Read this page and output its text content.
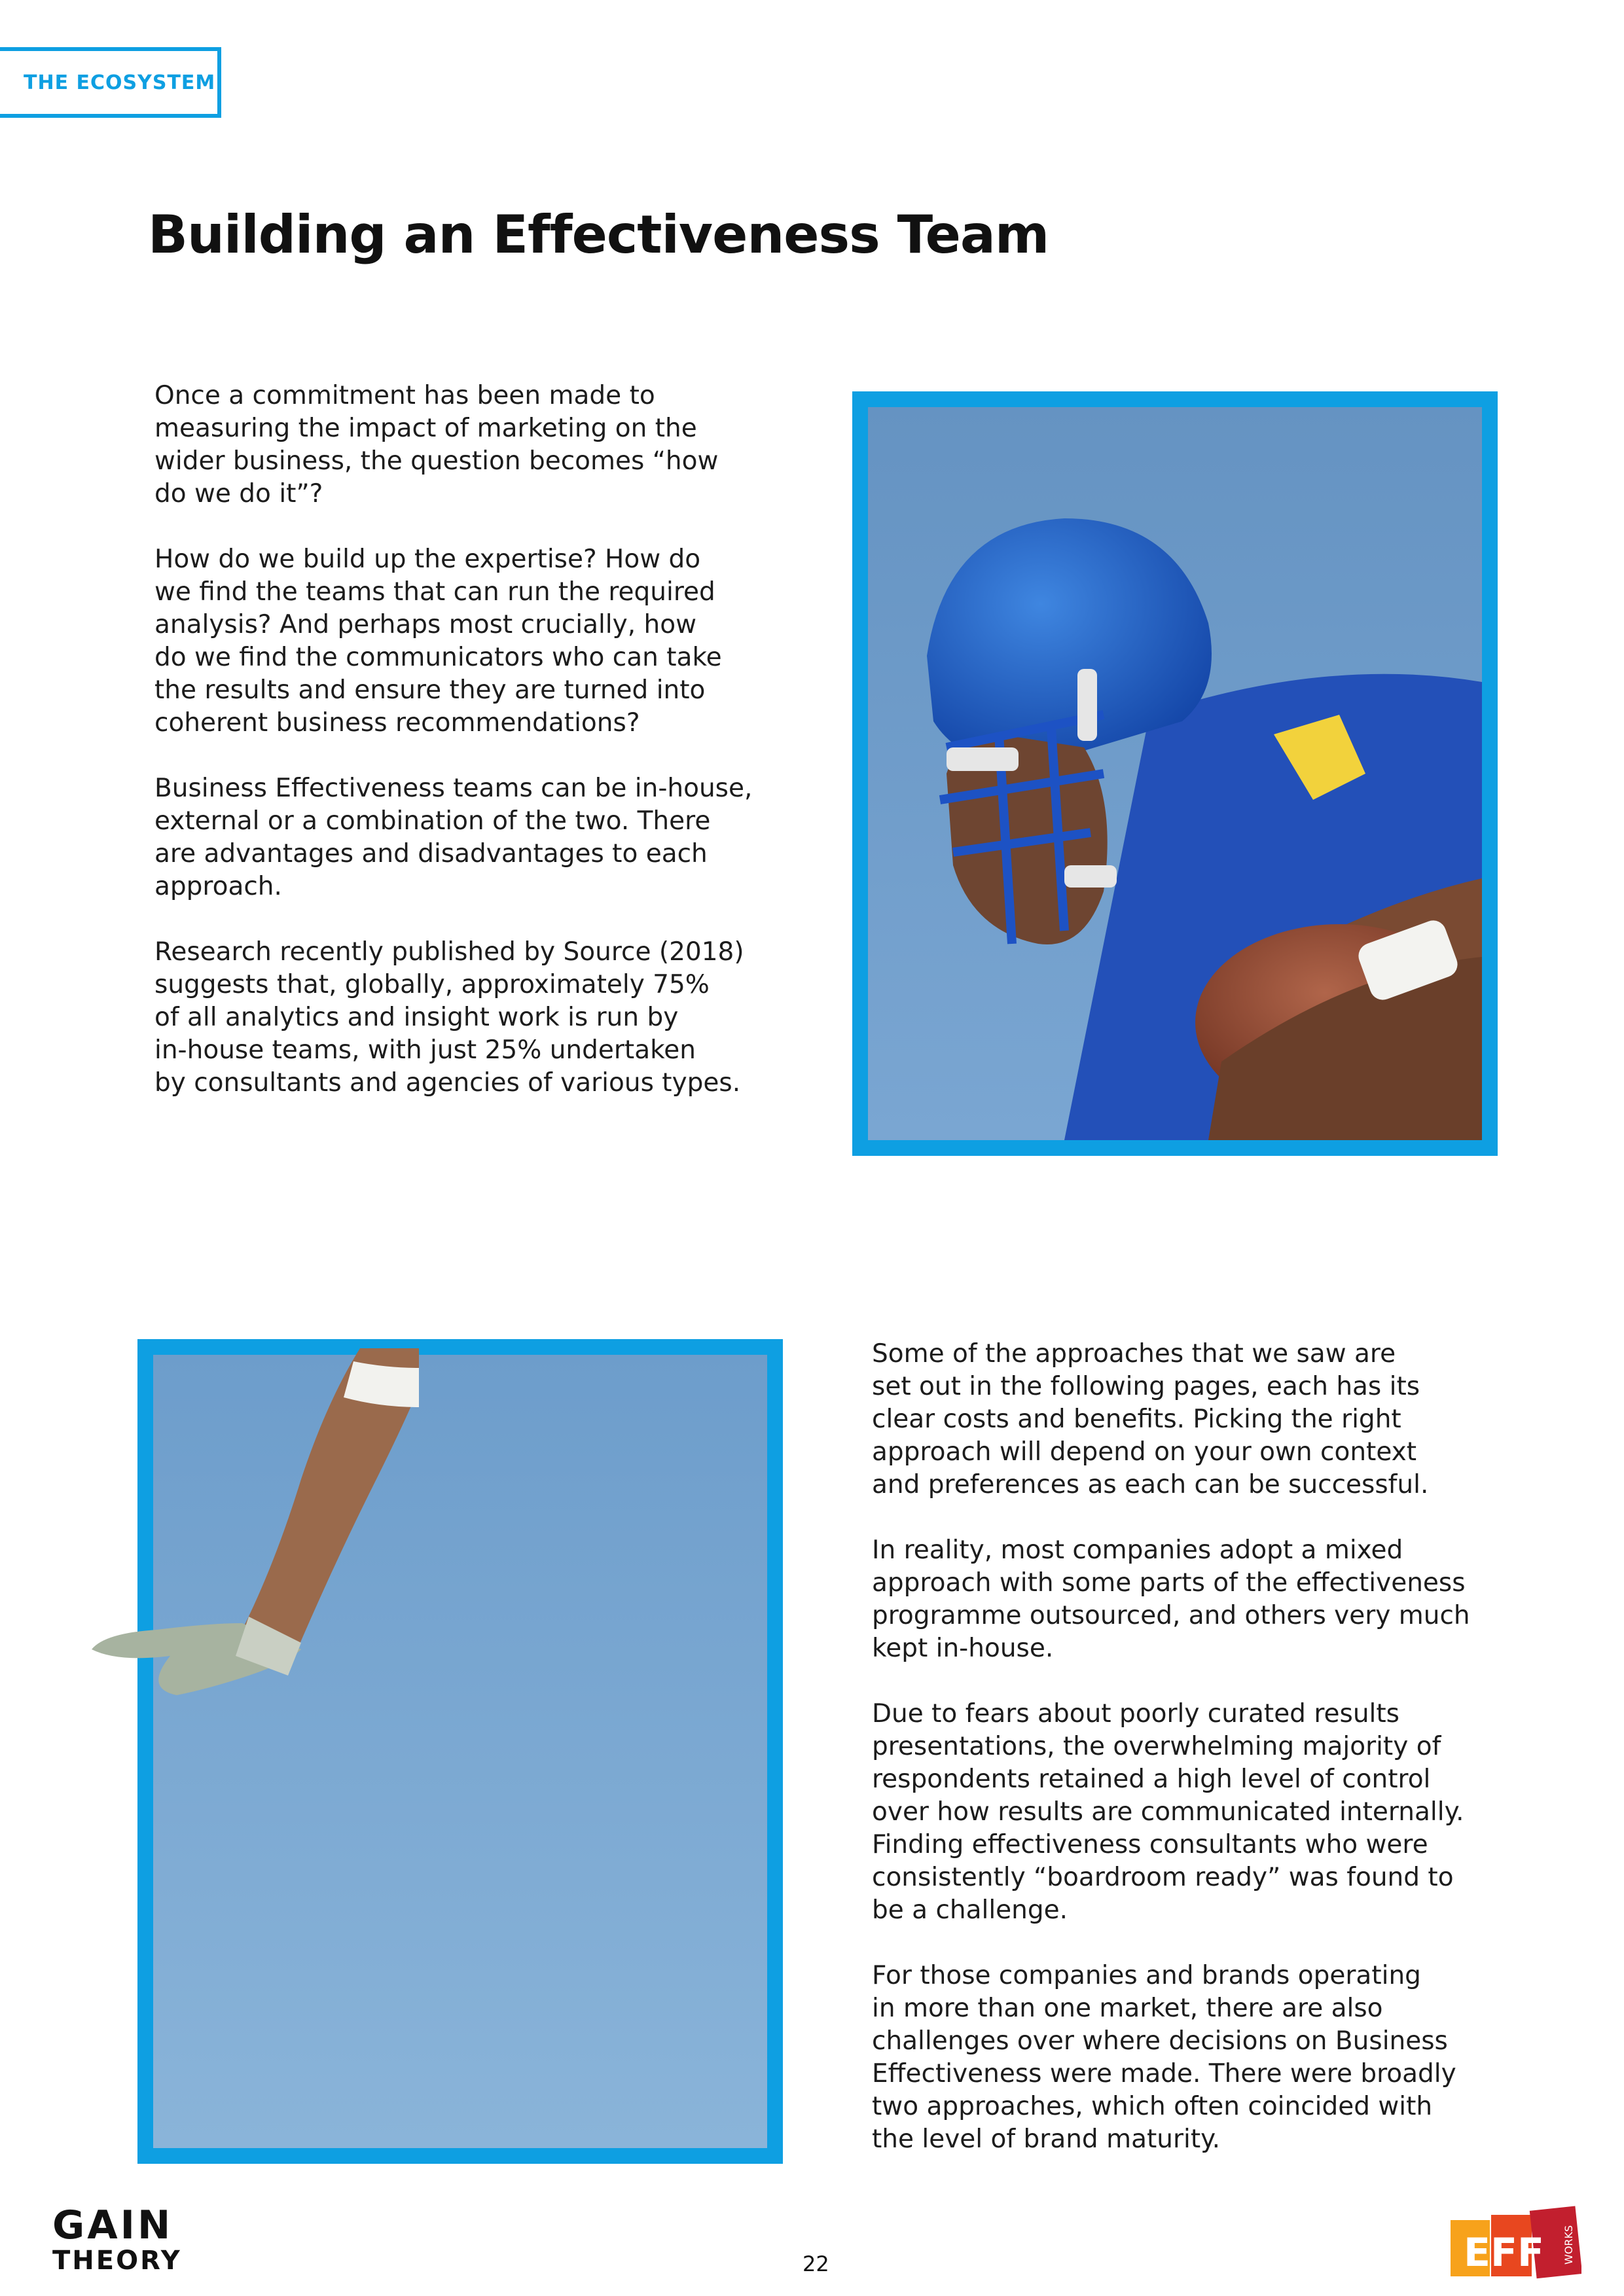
THE ECOSYSTEM
Building an Effectiveness Team

Once a commitment has been made to
measuring the impact of marketing on the
wider business, the question becomes “how
do we do it”?

How do we build up the expertise? How do
we find the teams that can run the required
analysis? And perhaps most crucially, how
do we find the communicators who can take
the results and ensure they are turned into
coherent business recommendations?

Business Effectiveness teams can be in-house,
external or a combination of the two. There
are advantages and disadvantages to each
approach.

Research recently published by Source (2018)
suggests that, globally, approximately 75%
of all analytics and insight work is run by
in-house teams, with just 25% undertaken
by consultants and agencies of various types.

Some of the approaches that we saw are
set out in the following pages, each has its
clear costs and benefits. Picking the right
approach will depend on your own context
and preferences as each can be successful.

In reality, most companies adopt a mixed
approach with some parts of the effectiveness
programme outsourced, and others very much
kept in-house.

Due to fears about poorly curated results
presentations, the overwhelming majority of
respondents retained a high level of control
over how results are communicated internally.
Finding effectiveness consultants who were
consistently “boardroom ready” was found to
be a challenge.

For those companies and brands operating
in more than one market, there are also
challenges over where decisions on Business
Effectiveness were made. There were broadly
two approaches, which often coincided with
the level of brand maturity.

GAIN
THEORY	22	EFF WORKS
